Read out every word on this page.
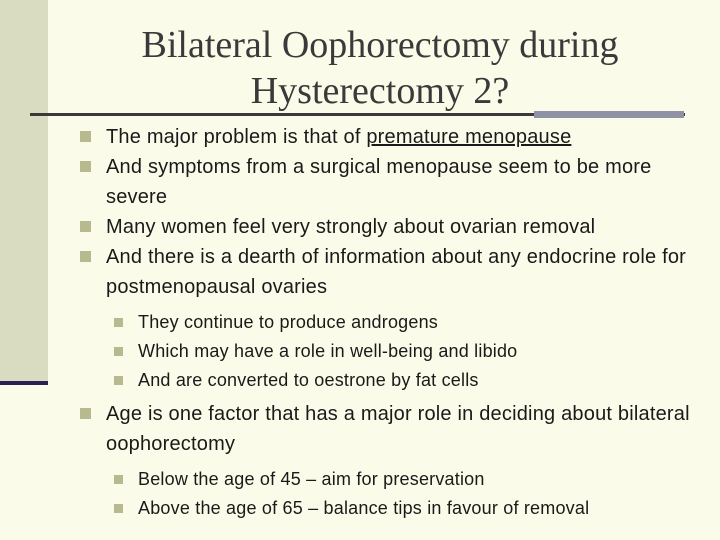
Bilateral Oophorectomy during
Hysterectomy 2?
The major problem is that of premature menopause
And symptoms from a surgical menopause seem to be more severe
Many women feel very strongly about ovarian removal
And there is a dearth of information about any endocrine role for postmenopausal ovaries
They continue to produce androgens
Which may have a role in well-being and libido
And are converted to oestrone by fat cells
Age is one factor that has a major role in deciding about bilateral oophorectomy
Below the age of 45 – aim for preservation
Above the age of 65 – balance tips in favour of removal
